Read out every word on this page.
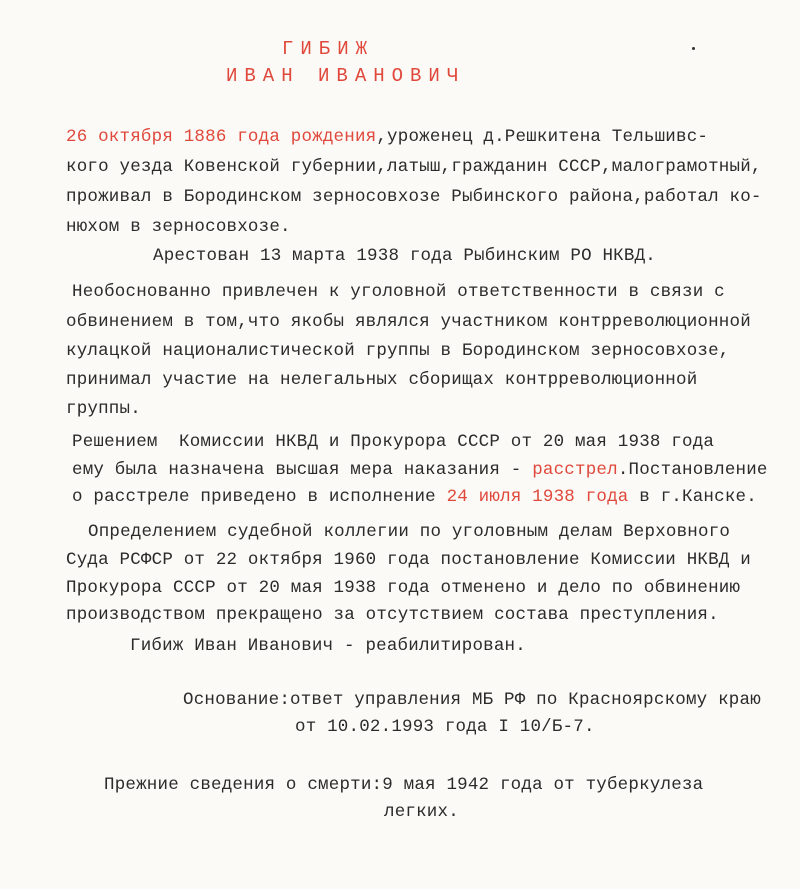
ГИБИЖ
ИВАН ИВАНОВИЧ
26 октября 1886 года рождения,уроженец д.Решкитена Тельшивс-
кого уезда Ковенской губернии,латыш,гражданин СССР,малограмотный,
проживал в Бородинском зерносовхозе Рыбинского района,работал ко-
нюхом в зерносовхозе.
Арестован 13 марта 1938 года Рыбинским РО НКВД.
Необоснованно привлечен к уголовной ответственности в связи с
обвинением в том,что якобы являлся участником контрреволюционной
кулацкой националистической группы в Бородинском зерносовхозе,
принимал участие на нелегальных сборищах контрреволюционной
группы.
Решением  Комиссии НКВД и Прокурора СССР от 20 мая 1938 года
ему была назначена высшая мера наказания - расстрел.Постановление
о расстреле приведено в исполнение 24 июля 1938 года в г.Канске.
Определением судебной коллегии по уголовным делам Верховного
Суда РСФСР от 22 октября 1960 года постановление Комиссии НКВД и
Прокурора СССР от 20 мая 1938 года отменено и дело по обвинению
производством прекращено за отсутствием состава преступления.
Гибиж Иван Иванович - реабилитирован.
Основание:ответ управления МБ РФ по Красноярскому краю
от 10.02.1993 года I 10/Б-7.
Прежние сведения о смерти:9 мая 1942 года от туберкулеза
легких.
